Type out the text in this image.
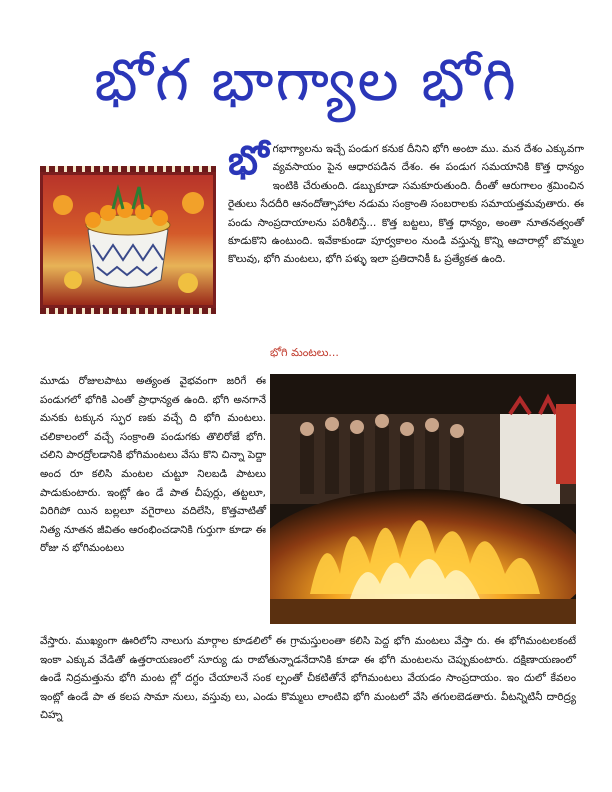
భోగ భాగ్యాల భోగి
భోగభాగ్యాలను ఇచ్చే పండుగ కనుక దీనిని భోగి అంటా ము. మన దేశం ఎక్కువగా వ్యవసాయం పైన ఆధారపడిన దేశం. ఈ పండుగ సమయానికి కొత్త ధాన్యం ఇంటికి చేరుతుంది. డబ్బుకూడా సమకూరుతుంది. దీంతో ఆరుగాలం శ్రమించిన రైతులు సేదదీరి ఆనందోత్సాహాల నడుమ సంక్రాంతి సంబరాలకు సమాయత్తమవుతారు. ఈ పండు సాంప్రదాయాలను పరిశీలిస్తే... కొత్త బట్టలు, కొత్త ధాన్యం, అంతా నూతనత్వంతో కూడుకొని ఉంటుంది. ఇవేకాకుండా పూర్వకాలం నుండి వస్తున్న కొన్ని ఆచారాల్లో బొమ్మల కొలువు, భోగి మంటలు, భోగి పళ్ళు ఇలా ప్రతిదానికీ ఓ ప్రత్యేకత ఉంది.
భోగి మంటలు...
మూడు రోజులపాటు అత్యంత వైభవంగా జరిగే ఈ పండుగలో భోగికి ఎంతో ప్రాధాన్యత ఉంది. భోగి అనగానే మనకు టక్కున స్ఫుర ణకు వచ్చే ది భోగి మంటలు. చలికాలంలో వచ్చే సంక్రాంతి పండుగకు తొలిరోజే భోగి. చలిని పారద్రోలడానికి భోగిమంటలు వేసు కొని చిన్నా పెద్దా అంద రూ కలిసి మంటల చుట్టూ నిలబడి పాటలు పాడుకుంటారు. ఇంట్లో ఉం డే పాత చీపుర్లు, తట్టలూ, విరిగిపో యిన బల్లలూ వగైరాలు వదిలేసి, కొత్తవాటితో నిత్య నూతన జీవితం ఆరంభించడానికి గుర్తుగా కూడా ఈ రోజు న భోగిమంటలు
వేస్తారు. ముఖ్యంగా ఊరిలోని నాలుగు మార్గాల కూడలిలో ఈ గ్రామస్తులంతా కలిసి పెద్ద భోగి మంటలు వేస్తా రు. ఈ భోగిమంటలకంటే ఇంకా ఎక్కువ వేడితో ఉత్తరాయణంలో సూర్యు డు రాబోతున్నాడనేదానికి కూడా ఈ భోగి మంటలను చెప్పుకుంటారు. దక్షిణాయణంలో ఉండే నిద్రమత్తును భోగి మంట ల్లో దగ్ధం చేయాలనే సంక ల్పంతో చీకటితోనే భోగిమంటలు వేయడం సాంప్రదాయం. ఇం దులో కేవలం ఇంట్లో ఉండే పా త కలప సామా నులు, వస్తువు లు, ఎండు కొమ్మలు లాంటివి భోగి మంటలో వేసి తగులబెడతారు. వీటన్నిటినీ దారిద్ర్య చిహ్న
